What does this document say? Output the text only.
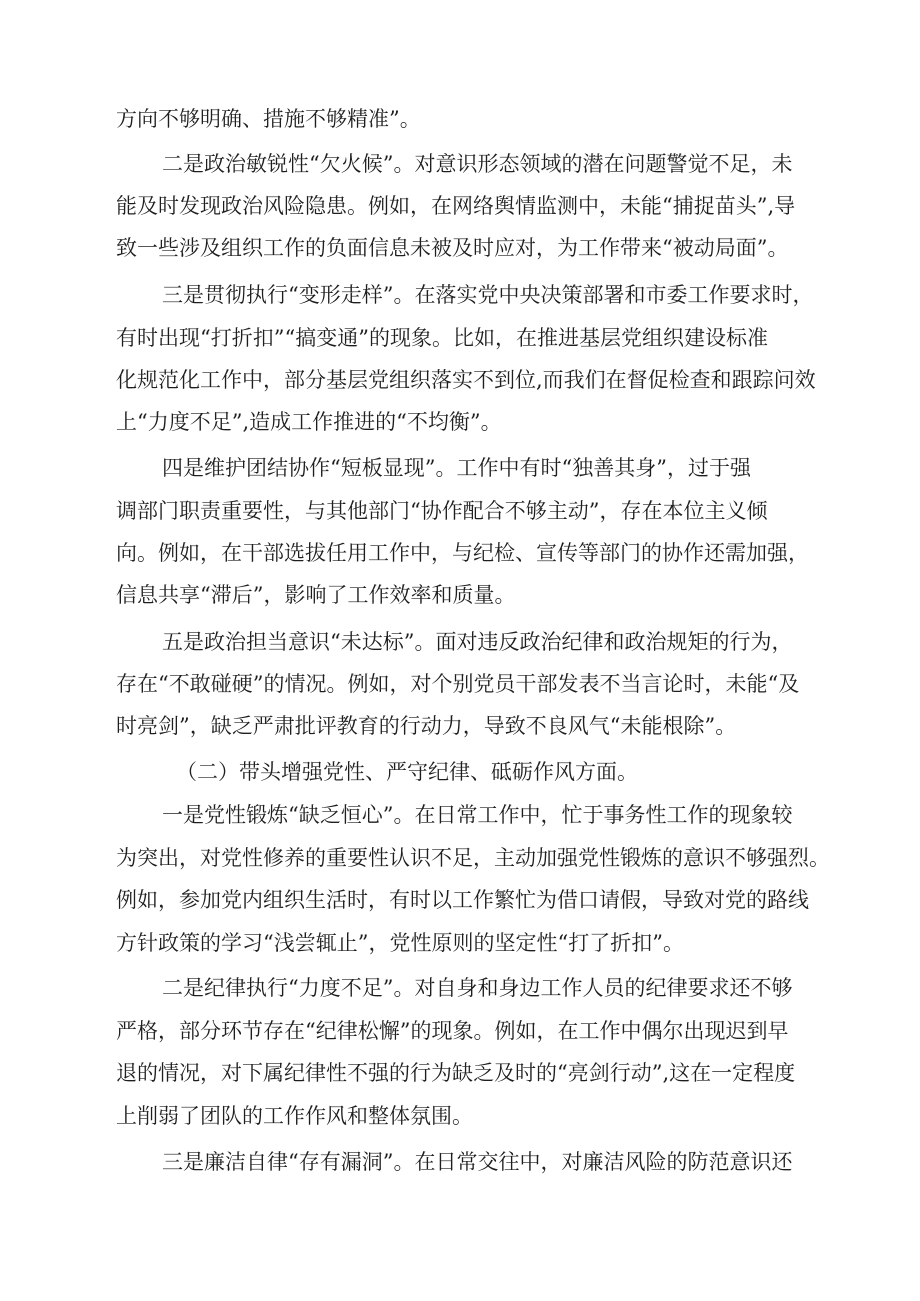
方向不够明确、措施不够精准”。
二是政治敏锐性“欠火候”。对意识形态领域的潜在问题警觉不足，未
能及时发现政治风险隐患。例如，在网络舆情监测中，未能“捕捉苗头”,导
致一些涉及组织工作的负面信息未被及时应对，为工作带来“被动局面”。
三是贯彻执行“变形走样”。在落实党中央决策部署和市委工作要求时，
有时出现“打折扣”“搞变通”的现象。比如，在推进基层党组织建设标准
化规范化工作中，部分基层党组织落实不到位,而我们在督促检查和跟踪问效
上“力度不足”,造成工作推进的“不均衡”。
四是维护团结协作“短板显现”。工作中有时“独善其身”，过于强
调部门职责重要性，与其他部门“协作配合不够主动”，存在本位主义倾
向。例如，在干部选拔任用工作中，与纪检、宣传等部门的协作还需加强，
信息共享“滞后”，影响了工作效率和质量。
五是政治担当意识“未达标”。面对违反政治纪律和政治规矩的行为，
存在“不敢碰硬”的情况。例如，对个别党员干部发表不当言论时，未能“及
时亮剑”，缺乏严肃批评教育的行动力，导致不良风气“未能根除”。
（二）带头增强党性、严守纪律、砥砺作风方面。
一是党性锻炼“缺乏恒心”。在日常工作中，忙于事务性工作的现象较
为突出，对党性修养的重要性认识不足，主动加强党性锻炼的意识不够强烈。
例如，参加党内组织生活时，有时以工作繁忙为借口请假，导致对党的路线
方针政策的学习“浅尝辄止”，党性原则的坚定性“打了折扣”。
二是纪律执行“力度不足”。对自身和身边工作人员的纪律要求还不够
严格，部分环节存在“纪律松懈”的现象。例如，在工作中偶尔出现迟到早
退的情况，对下属纪律性不强的行为缺乏及时的“亮剑行动”,这在一定程度
上削弱了团队的工作作风和整体氛围。
三是廉洁自律“存有漏洞”。在日常交往中，对廉洁风险的防范意识还
